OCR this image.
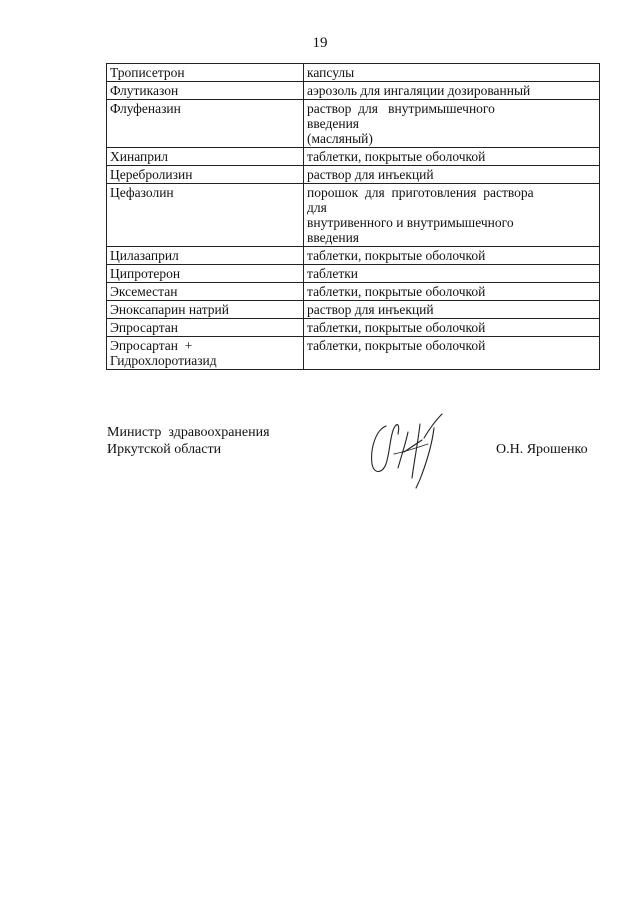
19
Трописетрон	капсулы

Флутиказон	аэрозоль для ингаляции дозированный

Флуфеназин	раствор  для   внутримышечного
введения
(масляный)

Хинаприл	таблетки, покрытые оболочкой

Церебролизин	раствор для инъекций

Цефазолин	порошок  для  приготовления  раствора
для
внутривенного и внутримышечного
введения

Цилазаприл	таблетки, покрытые оболочкой

Ципротерон	таблетки

Эксеместан	таблетки, покрытые оболочкой

Эноксапарин натрий	раствор для инъекций

Эпросартан	таблетки, покрытые оболочкой

Эпросартан  +
Гидрохлоротиазид	таблетки, покрытые оболочкой
Министр  здравоохранения
Иркутской области	О.Н. Ярошенко
